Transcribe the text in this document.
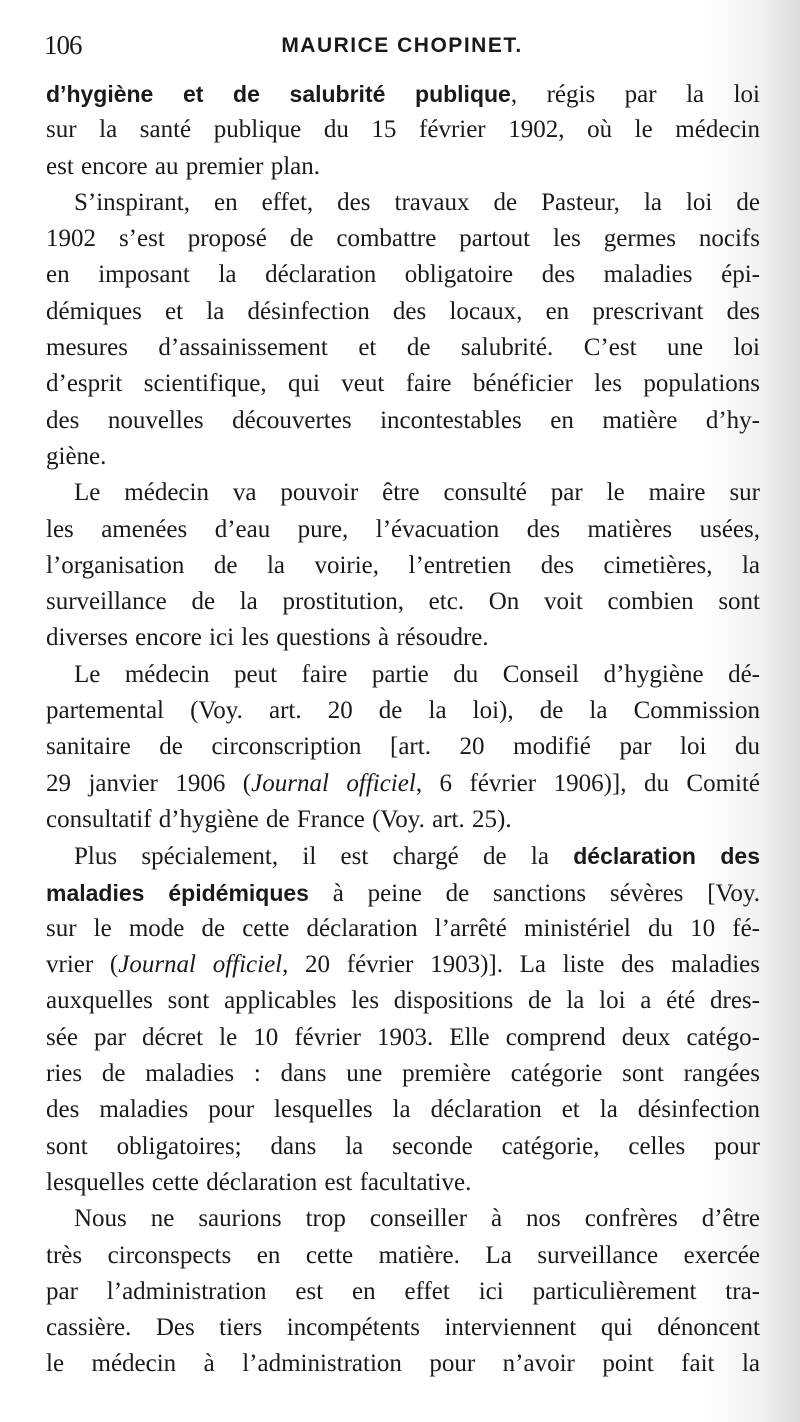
106	MAURICE CHOPINET.
d’hygiène et de salubrité publique, régis par la loi
sur la santé publique du 15 février 1902, où le médecin
est encore au premier plan.
S’inspirant, en effet, des travaux de Pasteur, la loi de
1902 s’est proposé de combattre partout les germes nocifs
en imposant la déclaration obligatoire des maladies épi-
démiques et la désinfection des locaux, en prescrivant des
mesures d’assainissement et de salubrité. C’est une loi
d’esprit scientifique, qui veut faire bénéficier les populations
des nouvelles découvertes incontestables en matière d’hy-
giène.
Le médecin va pouvoir être consulté par le maire sur
les amenées d’eau pure, l’évacuation des matières usées,
l’organisation de la voirie, l’entretien des cimetières, la
surveillance de la prostitution, etc. On voit combien sont
diverses encore ici les questions à résoudre.
Le médecin peut faire partie du Conseil d’hygiène dé-
partemental (Voy. art. 20 de la loi), de la Commission
sanitaire de circonscription [art. 20 modifié par loi du
29 janvier 1906 (Journal officiel, 6 février 1906)], du Comité
consultatif d’hygiène de France (Voy. art. 25).
Plus spécialement, il est chargé de la déclaration des
maladies épidémiques à peine de sanctions sévères [Voy.
sur le mode de cette déclaration l’arrêté ministériel du 10 fé-
vrier (Journal officiel, 20 février 1903)]. La liste des maladies
auxquelles sont applicables les dispositions de la loi a été dres-
sée par décret le 10 février 1903. Elle comprend deux catégo-
ries de maladies : dans une première catégorie sont rangées
des maladies pour lesquelles la déclaration et la désinfection
sont obligatoires; dans la seconde catégorie, celles pour
lesquelles cette déclaration est facultative.
Nous ne saurions trop conseiller à nos confrères d’être
très circonspects en cette matière. La surveillance exercée
par l’administration est en effet ici particulièrement tra-
cassière. Des tiers incompétents interviennent qui dénoncent
le médecin à l’administration pour n’avoir point fait la
